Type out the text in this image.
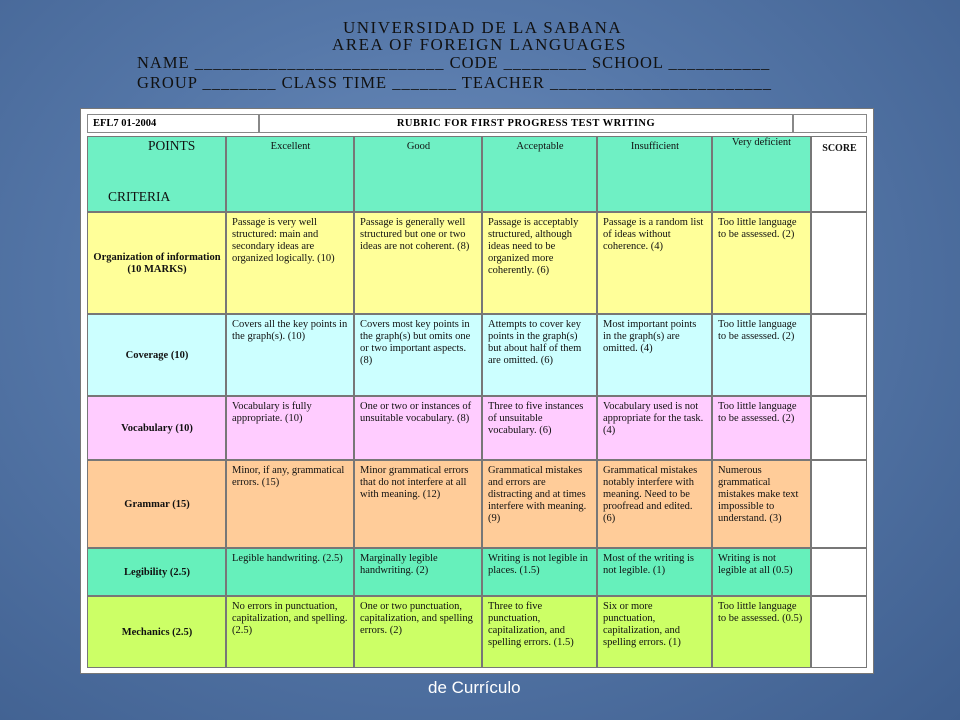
UNIVERSIDAD DE LA SABANA
AREA OF FOREIGN LANGUAGES
NAME ___________________________ CODE _________ SCHOOL ___________
GROUP ________ CLASS TIME _______ TEACHER ________________________
EFL7 01-2004	RUBRIC FOR FIRST PROGRESS TEST WRITING
POINTS
CRITERIA	Excellent	Good	Acceptable	Insufficient	Very deficient	SCORE
Organization of information (10 MARKS)	Passage is very well structured: main and secondary ideas are organized logically. (10)	Passage is generally well structured but one or two ideas are not coherent. (8)	Passage is acceptably structured, although ideas need to be organized more coherently. (6)	Passage is a random list of ideas without coherence. (4)	Too little language to be assessed. (2)	
Coverage (10)	Covers all the key points in the graph(s). (10)	Covers most key points in the graph(s) but omits one or two important aspects. (8)	Attempts to cover key points in the graph(s) but about half of them are omitted. (6)	Most important points in the graph(s) are omitted. (4)	Too little language to be assessed. (2)	
Vocabulary (10)	Vocabulary is fully appropriate. (10)	One or two or instances of unsuitable vocabulary. (8)	Three to five instances of unsuitable vocabulary. (6)	Vocabulary used is not appropriate for the task. (4)	Too little language to be assessed. (2)	
Grammar (15)	Minor, if any, grammatical errors. (15)	Minor grammatical errors that do not interfere at all with meaning. (12)	Grammatical mistakes and errors are distracting and at times interfere with meaning. (9)	Grammatical mistakes notably interfere with meaning. Need to be proofread and edited. (6)	Numerous grammatical mistakes make text impossible to understand. (3)	
Legibility (2.5)	Legible handwriting. (2.5)	Marginally legible handwriting. (2)	Writing is not legible in places. (1.5)	Most of the writing is not legible. (1)	Writing is not legible at all (0.5)	
Mechanics (2.5)	No errors in punctuation, capitalization, and spelling. (2.5)	One or two punctuation, capitalization, and spelling errors. (2)	Three to five punctuation, capitalization, and spelling errors. (1.5)	Six or more punctuation, capitalization, and spelling errors. (1)	Too little language to be assessed. (0.5)	
de Currículo
